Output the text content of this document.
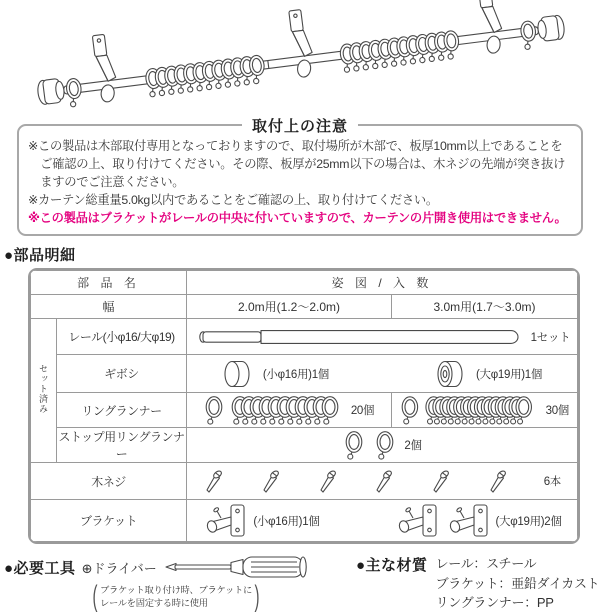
取付上の注意

※この製品は木部取付専用となっておりますので、取付場所が木部で、板厚10mm以上であることをご確認の上、取り付けてください。その際、板厚が25mm以下の場合は、木ネジの先端が突き抜けますのでご注意ください。

※カーテン総重量5.0kg以内であることをご確認の上、取り付けてください。

※この製品はブラケットがレールの中央に付いていますので、カーテンの片開き使用はできません。

●部品明細
部 品 名		姿 図 / 入 数	
幅		2.0m用(1.2〜2.0m)	3.0m用(1.7〜3.0m)
セット済み	レール(小φ16/大φ19)	1セット	

	ギボシ	(小φ16用)1個 (大φ19用)1個	

	リングランナー	20個	30個

	ストップ用リングランナー	2個	

木ネジ		6本	

ブラケット		(小φ16用)1個 (大φ19用)2個	
●必要工具 ⊕ドライバー
( ブラケット取り付け時、ブラケットに
レールを固定する時に使用	)
●主な材質 レール：スチール
ブラケット：亜鉛ダイカスト
リングランナー：PP
